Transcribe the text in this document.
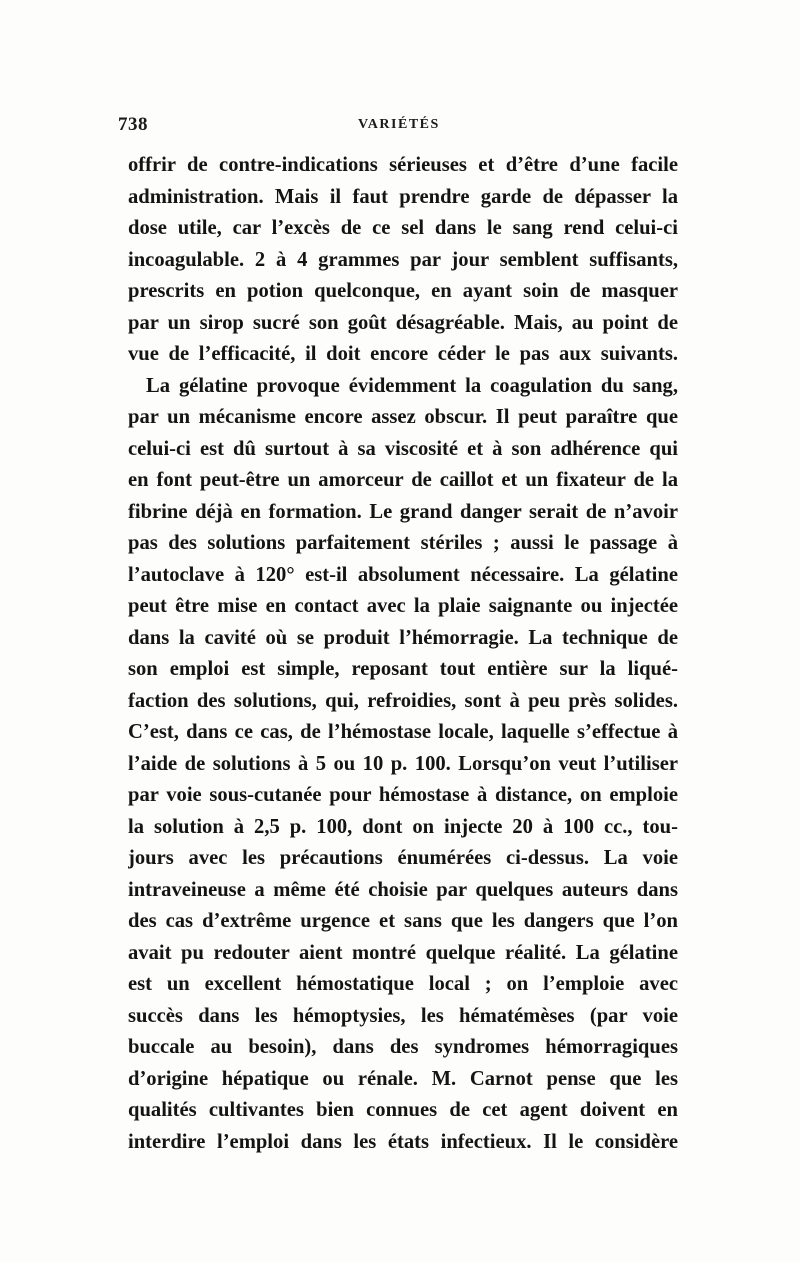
738	VARIÉTÉS
offrir de contre-indications sérieuses et d’être d’une facile
administration. Mais il faut prendre garde de dépasser la
dose utile, car l’excès de ce sel dans le sang rend celui-ci
incoagulable. 2 à 4 grammes par jour semblent suffisants,
prescrits en potion quelconque, en ayant soin de masquer
par un sirop sucré son goût désagréable. Mais, au point de
vue de l’efficacité, il doit encore céder le pas aux suivants.
La gélatine provoque évidemment la coagulation du sang,
par un mécanisme encore assez obscur. Il peut paraître que
celui-ci est dû surtout à sa viscosité et à son adhérence qui
en font peut-être un amorceur de caillot et un fixateur de la
fibrine déjà en formation. Le grand danger serait de n’avoir
pas des solutions parfaitement stériles ; aussi le passage à
l’autoclave à 120° est-il absolument nécessaire. La gélatine
peut être mise en contact avec la plaie saignante ou injectée
dans la cavité où se produit l’hémorragie. La technique de
son emploi est simple, reposant tout entière sur la liqué-
faction des solutions, qui, refroidies, sont à peu près solides.
C’est, dans ce cas, de l’hémostase locale, laquelle s’effectue à
l’aide de solutions à 5 ou 10 p. 100. Lorsqu’on veut l’utiliser
par voie sous-cutanée pour hémostase à distance, on emploie
la solution à 2,5 p. 100, dont on injecte 20 à 100 cc., tou-
jours avec les précautions énumérées ci-dessus. La voie
intraveineuse a même été choisie par quelques auteurs dans
des cas d’extrême urgence et sans que les dangers que l’on
avait pu redouter aient montré quelque réalité. La gélatine
est un excellent hémostatique local ; on l’emploie avec
succès dans les hémoptysies, les hématémèses (par voie
buccale au besoin), dans des syndromes hémorragiques
d’origine hépatique ou rénale. M. Carnot pense que les
qualités cultivantes bien connues de cet agent doivent en
interdire l’emploi dans les états infectieux. Il le considère
